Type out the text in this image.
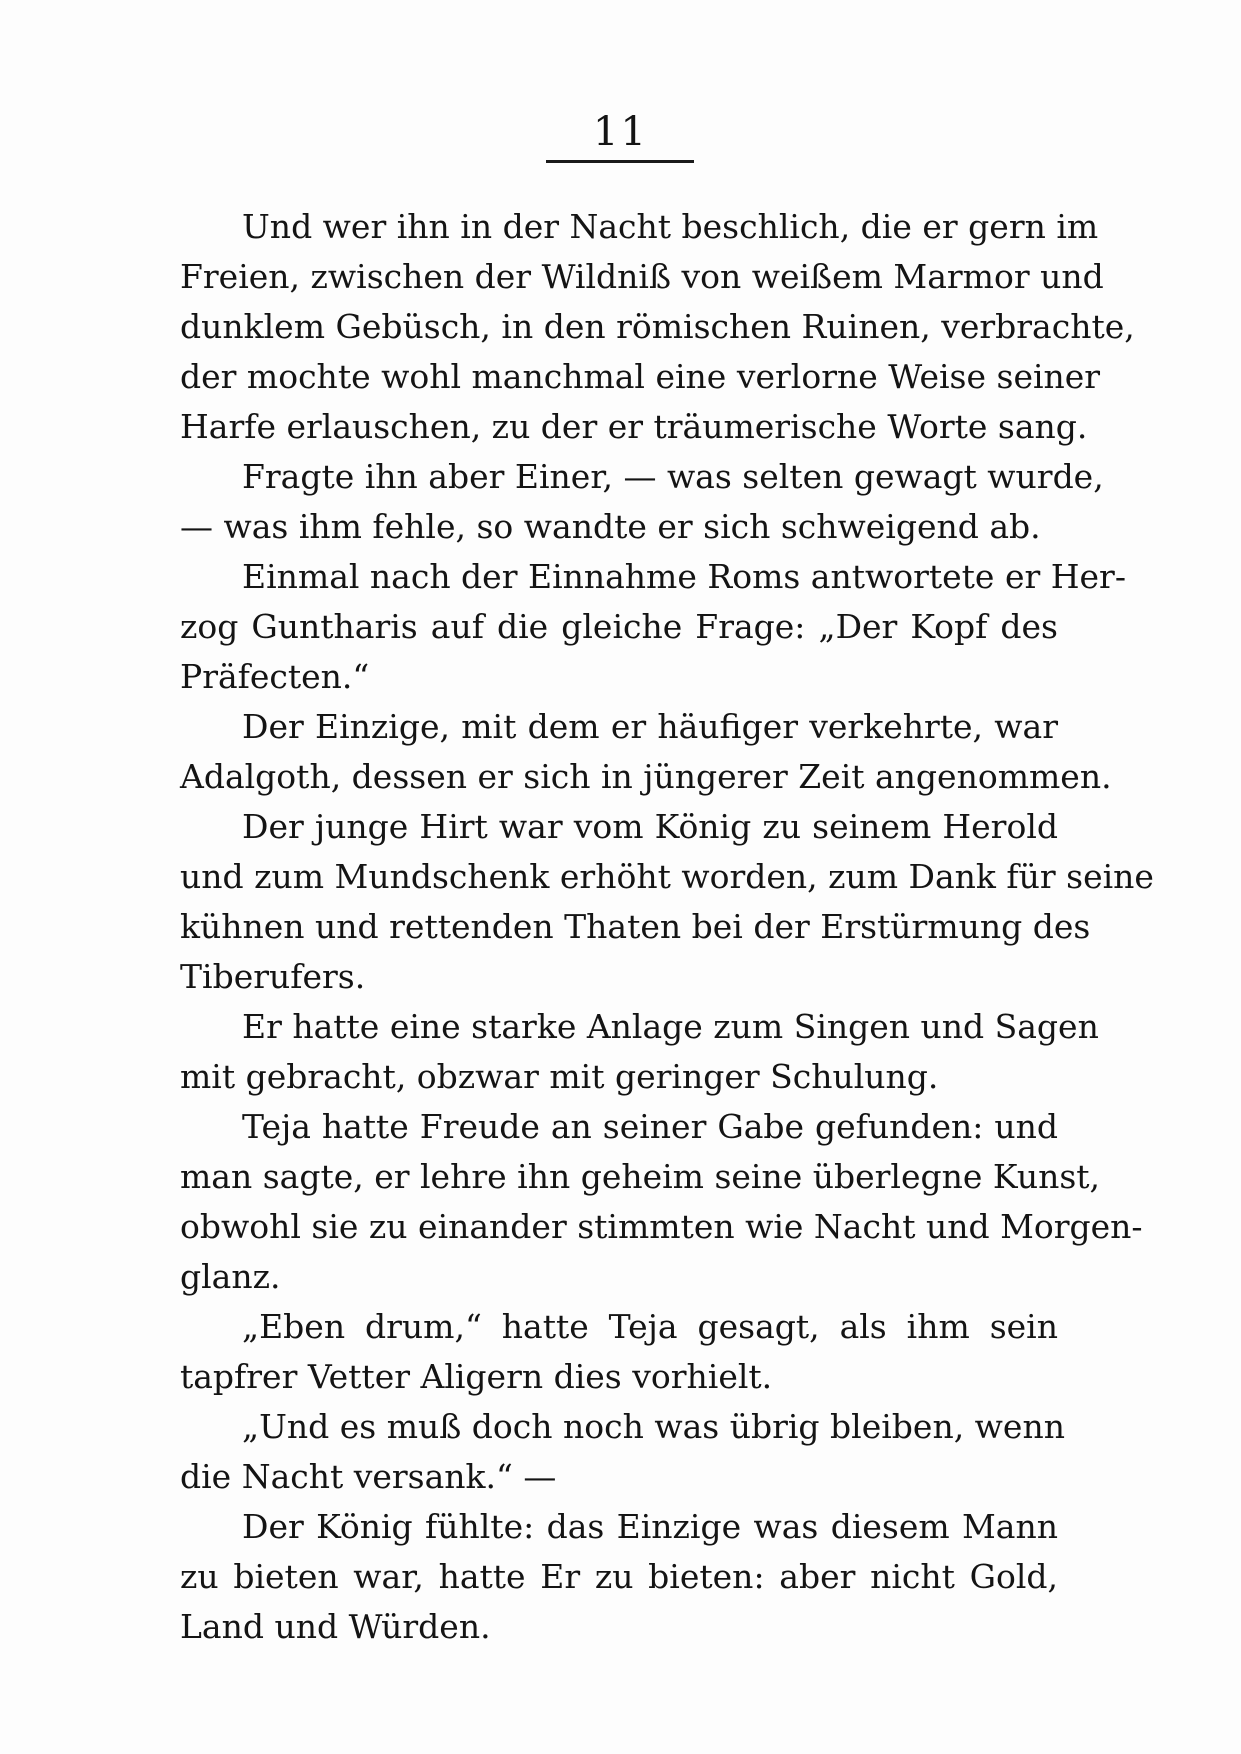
11
Und wer ihn in der Nacht beschlich, die er gern im
Freien, zwischen der Wildniß von weißem Marmor und
dunklem Gebüsch, in den römischen Ruinen, verbrachte,
der mochte wohl manchmal eine verlorne Weise seiner
Harfe erlauschen, zu der er träumerische Worte sang.
Fragte ihn aber Einer, — was selten gewagt wurde,
— was ihm fehle, so wandte er sich schweigend ab.
Einmal nach der Einnahme Roms antwortete er Her-
zog Guntharis auf die gleiche Frage: „Der Kopf des
Präfecten.“
Der Einzige, mit dem er häufiger verkehrte, war
Adalgoth, dessen er sich in jüngerer Zeit angenommen.
Der junge Hirt war vom König zu seinem Herold
und zum Mundschenk erhöht worden, zum Dank für seine
kühnen und rettenden Thaten bei der Erstürmung des
Tiberufers.
Er hatte eine starke Anlage zum Singen und Sagen
mit gebracht, obzwar mit geringer Schulung.
Teja hatte Freude an seiner Gabe gefunden: und
man sagte, er lehre ihn geheim seine überlegne Kunst,
obwohl sie zu einander stimmten wie Nacht und Morgen-
glanz.
„Eben drum,“ hatte Teja gesagt, als ihm sein
tapfrer Vetter Aligern dies vorhielt.
„Und es muß doch noch was übrig bleiben, wenn
die Nacht versank.“ —
Der König fühlte: das Einzige was diesem Mann
zu bieten war, hatte Er zu bieten: aber nicht Gold,
Land und Würden.
